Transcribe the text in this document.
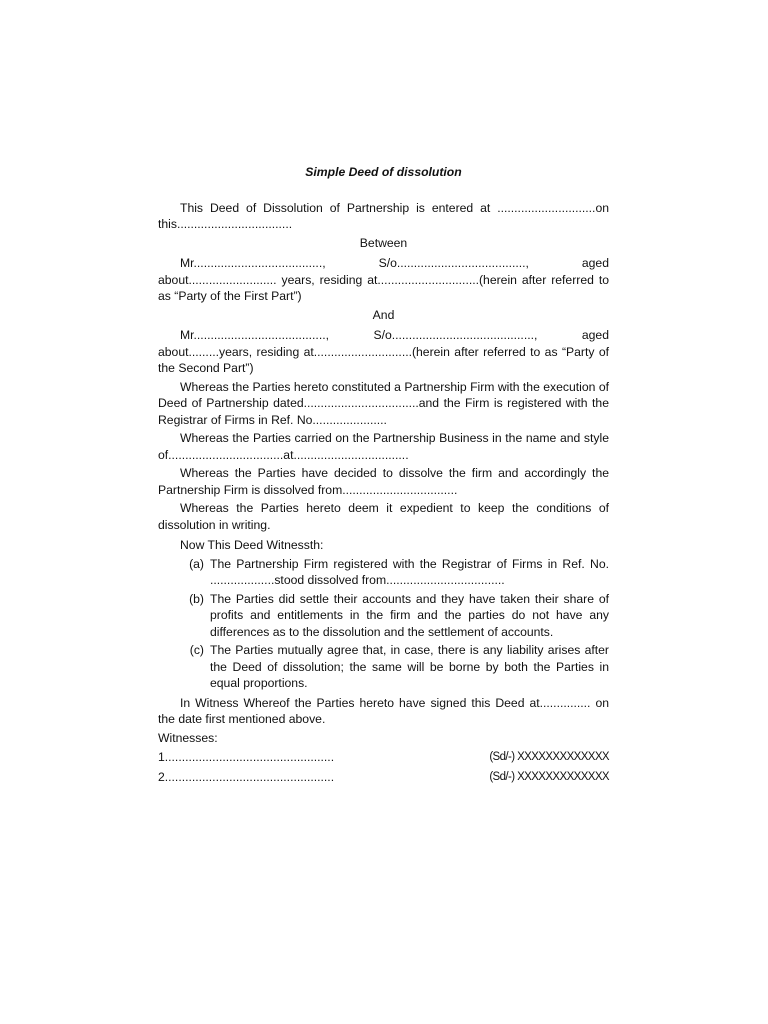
Simple Deed of dissolution

This Deed of Dissolution of Partnership is entered at .............................on this..................................

Between

Mr......................................,	S/o......................................,	aged

about.......................... years, residing at..............................(herein after referred to as “Party of the First Part”)

And

Mr.......................................,	S/o..........................................,	aged

about.........years, residing at.............................(herein after referred to as “Party of the Second Part”)

Whereas the Parties hereto constituted a Partnership Firm with the execution of Deed of Partnership dated..................................and the Firm is registered with the Registrar of Firms in Ref. No......................

Whereas the Parties carried on the Partnership Business in the name and style of..................................at..................................

Whereas the Parties have decided to dissolve the firm and accordingly the Partnership Firm is dissolved from..................................

Whereas the Parties hereto deem it expedient to keep the conditions of dissolution in writing.

Now This Deed Witnessth:

(a) The Partnership Firm registered with the Registrar of Firms in Ref. No. ...................stood dissolved from...................................
(b) The Parties did settle their accounts and they have taken their share of profits and entitlements in the firm and the parties do not have any differences as to the dissolution and the settlement of accounts.
(c) The Parties mutually agree that, in case, there is any liability arises after the Deed of dissolution; the same will be borne by both the Parties in equal proportions.

In Witness Whereof the Parties hereto have signed this Deed at............... on the date first mentioned above.

Witnesses:

1..................................................	(Sd/-) XXXXXXXXXXXXX
2..................................................	(Sd/-) XXXXXXXXXXXXX
